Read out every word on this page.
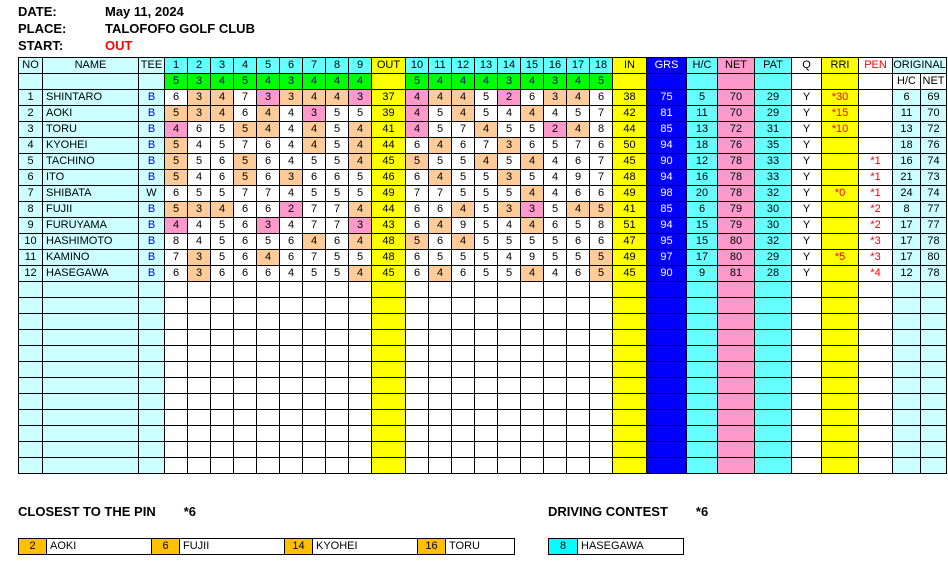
DATE:	May 11, 2024
PLACE:	TALOFOFO GOLF CLUB
START:	OUT
NO	NAME	TEE	1	2	3	4	5	6	7	8	9	OUT	10	11	12	13	14	15	16	17	18	IN	GRS	H/C	NET	PAT	Q	RRI	PEN	ORIGINAL	
			5	3	4	5	4	3	4	4	4		5	4	4	4	3	4	3	4	5									H/C	NET
1	SHINTARO	B	6	3	4	7	3	3	4	4	3	37	4	4	4	5	2	6	3	4	6	38	75	5	70	29	Y	*30		6	69
2	AOKI	B	5	3	4	6	4	4	3	5	5	39	4	5	4	5	4	4	4	5	7	42	81	11	70	29	Y	*15		11	70
3	TORU	B	4	6	5	5	4	4	4	5	4	41	4	5	7	4	5	5	2	4	8	44	85	13	72	31	Y	*10		13	72
4	KYOHEI	B	5	4	5	7	6	4	4	5	4	44	6	4	6	7	3	6	5	7	6	50	94	18	76	35	Y			18	76
5	TACHINO	B	5	5	6	5	6	4	5	5	4	45	5	5	5	4	5	4	4	6	7	45	90	12	78	33	Y		*1	16	74
6	ITO	B	5	4	6	5	6	3	6	6	5	46	6	4	5	5	3	5	4	9	7	48	94	16	78	33	Y		*1	21	73
7	SHIBATA	W	6	5	5	7	7	4	5	5	5	49	7	7	5	5	5	4	4	6	6	49	98	20	78	32	Y	*0	*1	24	74
8	FUJII	B	5	3	4	6	6	2	7	7	4	44	6	6	4	5	3	3	5	4	5	41	85	6	79	30	Y		*2	8	77
9	FURUYAMA	B	4	4	5	6	3	4	7	7	3	43	6	4	9	5	4	4	6	5	8	51	94	15	79	30	Y		*2	17	77
10	HASHIMOTO	B	8	4	5	6	5	6	4	6	4	48	5	6	4	5	5	5	5	6	6	47	95	15	80	32	Y		*3	17	78
11	KAMINO	B	7	3	5	6	4	6	7	5	5	48	6	5	5	5	4	9	5	5	5	49	97	17	80	29	Y	*5	*3	17	80
12	HASEGAWA	B	6	3	6	6	6	4	5	5	4	45	6	4	6	5	5	4	4	6	5	45	90	9	81	28	Y		*4	12	78

CLOSEST TO THE PIN *6	DRIVING CONTEST *6
2	AOKI	6	FUJII	14	KYOHEI	16	TORU	8	HASEGAWA
